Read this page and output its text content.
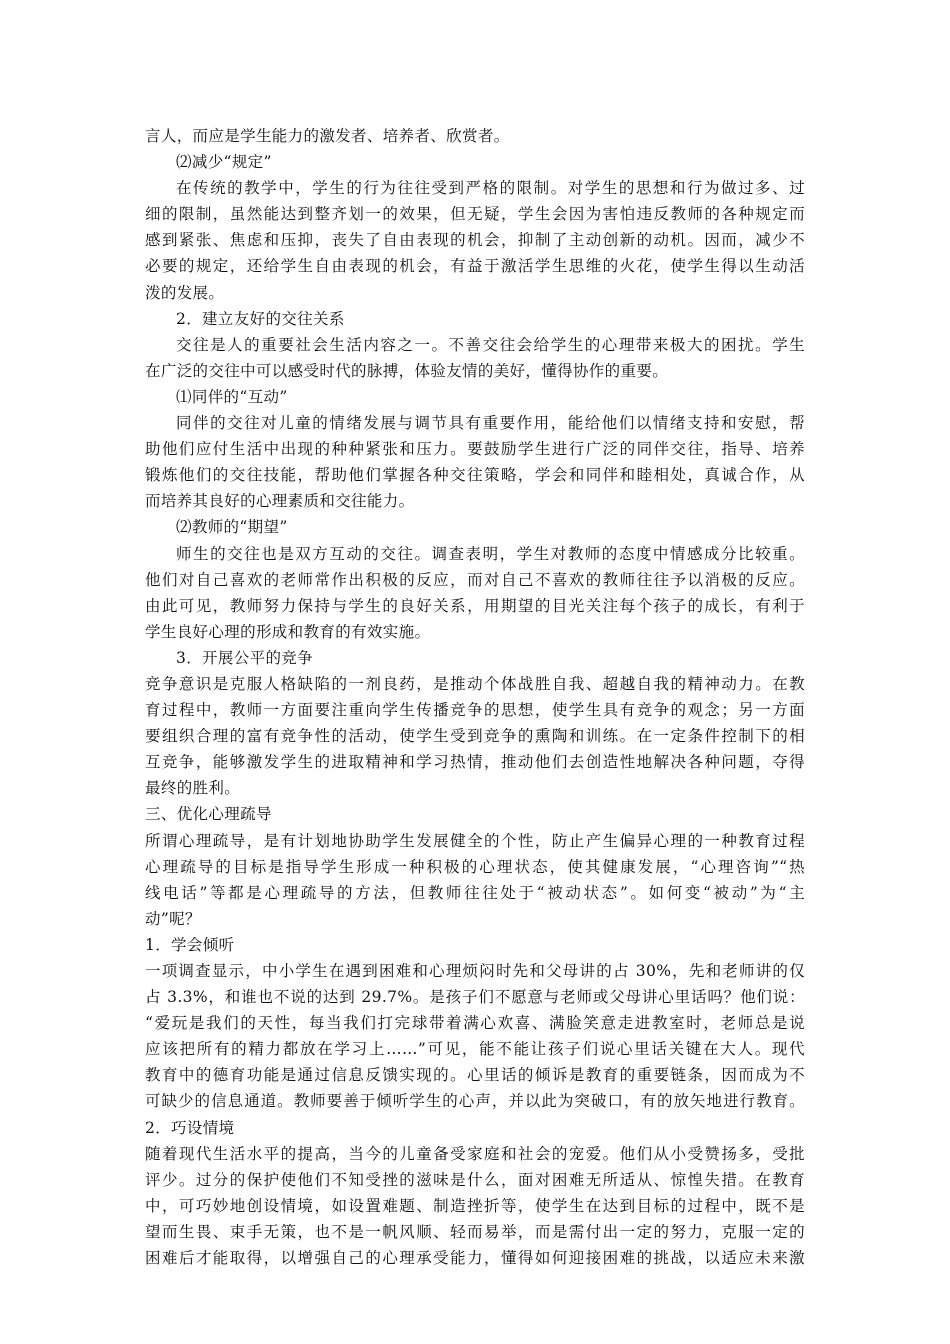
言人，而应是学生能力的激发者、培养者、欣赏者。
⑵减少“规定”
在传统的教学中，学生的行为往往受到严格的限制。对学生的思想和行为做过多、过
细的限制，虽然能达到整齐划一的效果，但无疑，学生会因为害怕违反教师的各种规定而
感到紧张、焦虑和压抑，丧失了自由表现的机会，抑制了主动创新的动机。因而，减少不
必要的规定，还给学生自由表现的机会，有益于激活学生思维的火花，使学生得以生动活
泼的发展。
2．建立友好的交往关系
交往是人的重要社会生活内容之一。不善交往会给学生的心理带来极大的困扰。学生
在广泛的交往中可以感受时代的脉搏，体验友情的美好，懂得协作的重要。
⑴同伴的“互动”
同伴的交往对儿童的情绪发展与调节具有重要作用，能给他们以情绪支持和安慰，帮
助他们应付生活中出现的种种紧张和压力。要鼓励学生进行广泛的同伴交往，指导、培养
锻炼他们的交往技能，帮助他们掌握各种交往策略，学会和同伴和睦相处，真诚合作，从
而培养其良好的心理素质和交往能力。
⑵教师的“期望”
师生的交往也是双方互动的交往。调查表明，学生对教师的态度中情感成分比较重。
他们对自己喜欢的老师常作出积极的反应，而对自己不喜欢的教师往往予以消极的反应。
由此可见，教师努力保持与学生的良好关系，用期望的目光关注每个孩子的成长，有利于
学生良好心理的形成和教育的有效实施。
3．开展公平的竞争
竞争意识是克服人格缺陷的一剂良药，是推动个体战胜自我、超越自我的精神动力。在教
育过程中，教师一方面要注重向学生传播竞争的思想，使学生具有竞争的观念；另一方面
要组织合理的富有竞争性的活动，使学生受到竞争的熏陶和训练。在一定条件控制下的相
互竞争，能够激发学生的进取精神和学习热情，推动他们去创造性地解决各种问题，夺得
最终的胜利。
三、优化心理疏导
所谓心理疏导，是有计划地协助学生发展健全的个性，防止产生偏异心理的一种教育过程
心理疏导的目标是指导学生形成一种积极的心理状态，使其健康发展，“心理咨询”“热
线电话”等都是心理疏导的方法，但教师往往处于“被动状态”。如何变“被动”为“主
动”呢？
1．学会倾听
一项调查显示，中小学生在遇到困难和心理烦闷时先和父母讲的占 30%，先和老师讲的仅
占 3.3%，和谁也不说的达到 29.7%。是孩子们不愿意与老师或父母讲心里话吗？他们说：
“爱玩是我们的天性，每当我们打完球带着满心欢喜、满脸笑意走进教室时，老师总是说
应该把所有的精力都放在学习上……”可见，能不能让孩子们说心里话关键在大人。现代
教育中的德育功能是通过信息反馈实现的。心里话的倾诉是教育的重要链条，因而成为不
可缺少的信息通道。教师要善于倾听学生的心声，并以此为突破口，有的放矢地进行教育。
2．巧设情境
随着现代生活水平的提高，当今的儿童备受家庭和社会的宠爱。他们从小受赞扬多，受批
评少。过分的保护使他们不知受挫的滋味是什么，面对困难无所适从、惊惶失措。在教育
中，可巧妙地创设情境，如设置难题、制造挫折等，使学生在达到目标的过程中，既不是
望而生畏、束手无策，也不是一帆风顺、轻而易举，而是需付出一定的努力，克服一定的
困难后才能取得，以增强自己的心理承受能力，懂得如何迎接困难的挑战，以适应未来激
